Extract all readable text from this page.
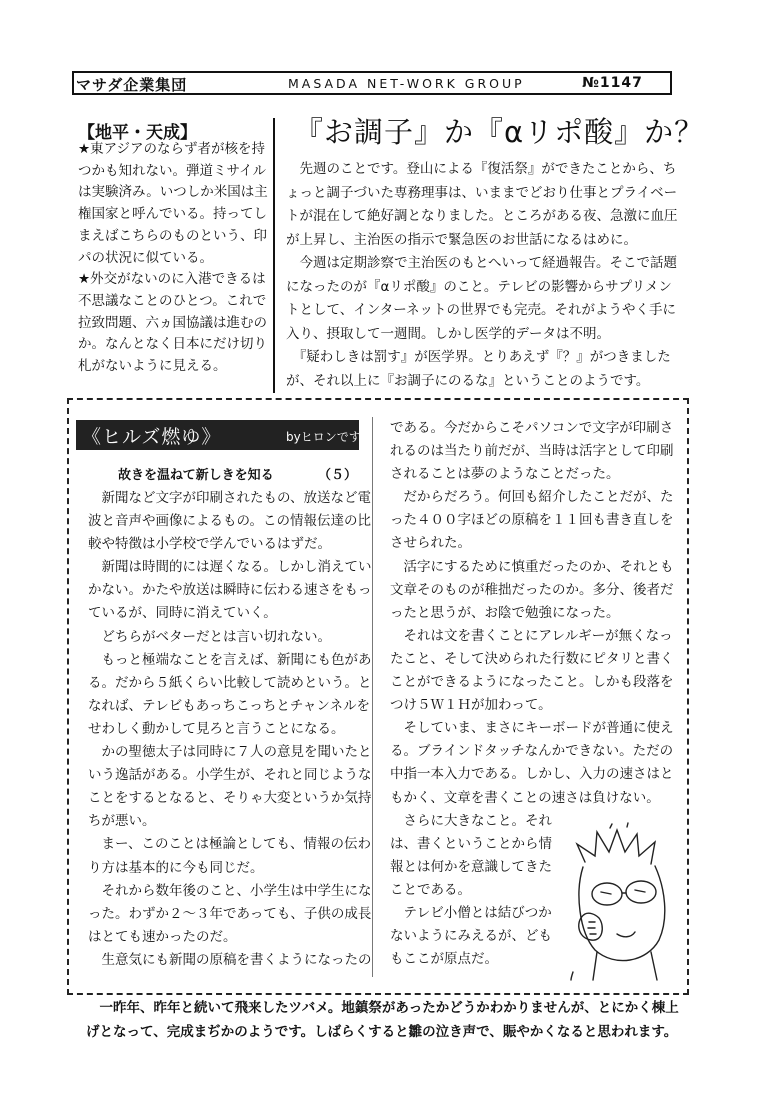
マサダ企業集団	MASADA NET-WORK GROUP	№1147
【地平・天成】

★東アジアのならず者が核を持

つかも知れない。弾道ミサイル

は実験済み。いつしか米国は主

権国家と呼んでいる。持ってし

まえばこちらのものという、印

パの状況に似ている。

★外交がないのに入港できるは

不思議なことのひとつ。これで

拉致問題、六ヵ国協議は進むの

か。なんとなく日本にだけ切り

札がないように見える。

『お調子』か『αリポ酸』か？

　先週のことです。登山による『復活祭』ができたことから、ち

ょっと調子づいた専務理事は、いままでどおり仕事とプライベー

トが混在して絶好調となりました。ところがある夜、急激に血圧

が上昇し、主治医の指示で緊急医のお世話になるはめに。

　今週は定期診察で主治医のもとへいって経過報告。そこで話題

になったのが『αリポ酸』のこと。テレビの影響からサプリメン

トとして、インターネットの世界でも完売。それがようやく手に

入り、摂取して一週間。しかし医学的データは不明。

　『疑わしきは罰す』が医学界。とりあえず『？』がつきました

が、それ以上に『お調子にのるな』ということのようです。

《ヒルズ燃ゆ》	byヒロンです
故きを温ねて新しきを知る	（５）

　新聞など文字が印刷されたもの、放送など電

波と音声や画像によるもの。この情報伝達の比

較や特徴は小学校で学んでいるはずだ。

　新聞は時間的には遅くなる。しかし消えてい

かない。かたや放送は瞬時に伝わる速さをもっ

ているが、同時に消えていく。

　どちらがベターだとは言い切れない。

　もっと極端なことを言えば、新聞にも色があ

る。だから５紙くらい比較して読めという。と

なれば、テレビもあっちこっちとチャンネルを

せわしく動かして見ろと言うことになる。

　かの聖徳太子は同時に７人の意見を聞いたと

いう逸話がある。小学生が、それと同じような

ことをするとなると、そりゃ大変というか気持

ちが悪い。

　まー、このことは極論としても、情報の伝わ

り方は基本的に今も同じだ。

　それから数年後のこと、小学生は中学生にな

った。わずか２～３年であっても、子供の成長

はとても速かったのだ。

　生意気にも新聞の原稿を書くようになったの

である。今だからこそパソコンで文字が印刷さ

れるのは当たり前だが、当時は活字として印刷

されることは夢のようなことだった。

　だからだろう。何回も紹介したことだが、た

った４００字ほどの原稿を１１回も書き直しを

させられた。

　活字にするために慎重だったのか、それとも

文章そのものが稚拙だったのか。多分、後者だ

ったと思うが、お陰で勉強になった。

　それは文を書くことにアレルギーが無くなっ

たこと、そして決められた行数にピタリと書く

ことができるようになったこと。しかも段落を

つけ５Ｗ１Ｈが加わって。

　そしていま、まさにキーボードが普通に使え

る。ブラインドタッチなんかできない。ただの

中指一本入力である。しかし、入力の速さはと

もかく、文章を書くことの速さは負けない。

　さらに大きなこと。それ

は、書くということから情

報とは何かを意識してきた

ことである。

　テレビ小僧とは結びつか

ないようにみえるが、ども

もここが原点だ。

　一昨年、昨年と続いて飛来したツバメ。地鎮祭があったかどうかわかりませんが、とにかく棟上

げとなって、完成まぢかのようです。しばらくすると雛の泣き声で、賑やかくなると思われます。
